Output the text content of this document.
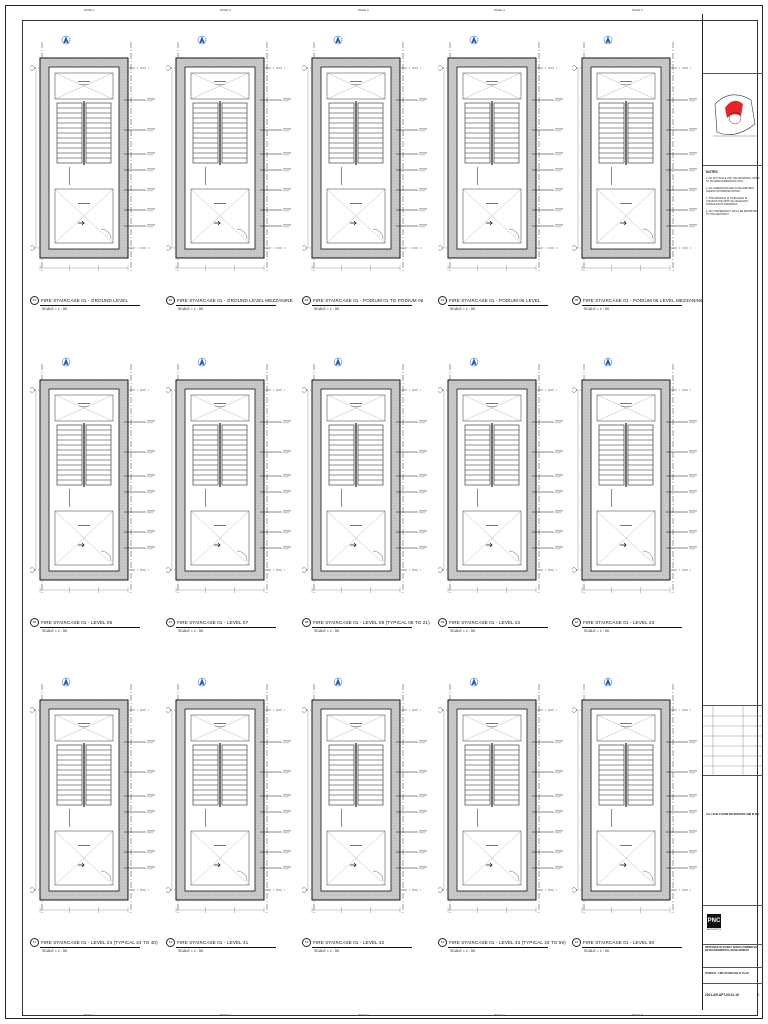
PAGE 1	PAGE 2	PAGE 3	PAGE 4	PAGE 5
PAGE 1	PAGE 2	PAGE 3	PAGE 4	PAGE 5
01 FIRE STAIRCASE 01 - GROUND LEVEL
SCALE = 1 : 50
02 FIRE STAIRCASE 01 - GROUND LEVEL MEZZANINE
SCALE = 1 : 50
03 FIRE STAIRCASE 01 - PODIUM 01 TO PODIUM 06
SCALE = 1 : 50
04 FIRE STAIRCASE 01 - PODIUM 06 LEVEL
SCALE = 1 : 50
05 FIRE STAIRCASE 01 - PODIUM 06 LEVEL MEZZANINE
SCALE = 1 : 50
06 FIRE STAIRCASE 01 - LEVEL 06
SCALE = 1 : 50
07 FIRE STAIRCASE 01 - LEVEL 07
SCALE = 1 : 50
08 FIRE STAIRCASE 01 - LEVEL 08 (TYPICAL 08 TO 21)
SCALE = 1 : 50
09 FIRE STAIRCASE 01 - LEVEL 22
SCALE = 1 : 50
10 FIRE STAIRCASE 01 - LEVEL 23
SCALE = 1 : 50
11 FIRE STAIRCASE 01 - LEVEL 24 (TYPICAL 24 TO 40)
SCALE = 1 : 50
12 FIRE STAIRCASE 01 - LEVEL 41
SCALE = 1 : 50
13 FIRE STAIRCASE 01 - LEVEL 42
SCALE = 1 : 50
14 FIRE STAIRCASE 01 - LEVEL 43 (TYPICAL 43 TO 59)
SCALE = 1 : 50
15 FIRE STAIRCASE 01 - LEVEL 60
SCALE = 1 : 50
NOTES
1. DO NOT SCALE OFF THE DRAWINGS. WORK TO FIGURED DIMENSIONS ONLY.
2. ALL DIMENSIONS ARE IN MILLIMETRES UNLESS OTHERWISE NOTED.
3. THIS DRAWING IS TO BE READ IN CONJUNCTION WITH ALL RELEVANT CONSULTANTS DRAWINGS.
4. ANY DISCREPANCY SHALL BE REPORTED TO THE ARCHITECT.
ALL LEVELS IN MM REFERENCED AND IN MM
PNC
ARCHITECTS
PROPOSED 65-STOREY MIXED COMMERCIAL RETAIL/RESIDENTIAL DEVELOPMENT
TOWER B - FIRE STAIRCASE 01 PLAN
2021-AR-APT-00-01-16	0
